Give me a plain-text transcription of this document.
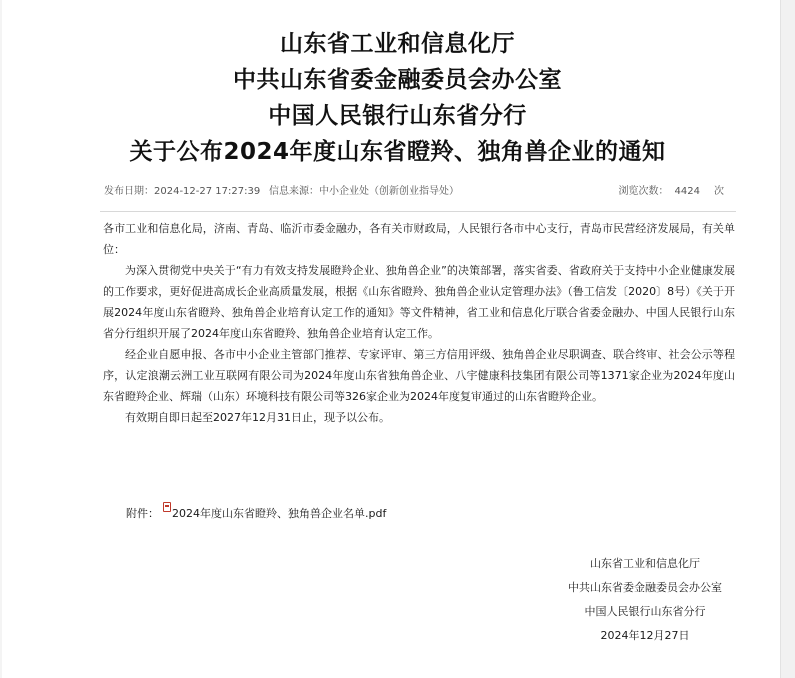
山东省工业和信息化厅
中共山东省委金融委员会办公室
中国人民银行山东省分行
关于公布2024年度山东省瞪羚、独角兽企业的通知
发布日期：2024-12-27 17:27:39 信息来源：中小企业处（创新创业指导处）	浏览次数： 4424 次

各市工业和信息化局，济南、青岛、临沂市委金融办，各有关市财政局，人民银行各市中心支行，青岛市民营经济发展局，有关单位：

为深入贯彻党中央关于“有力有效支持发展瞪羚企业、独角兽企业”的决策部署，落实省委、省政府关于支持中小企业健康发展的工作要求，更好促进高成长企业高质量发展，根据《山东省瞪羚、独角兽企业认定管理办法》（鲁工信发〔2020〕8号）《关于开展2024年度山东省瞪羚、独角兽企业培育认定工作的通知》等文件精神，省工业和信息化厅联合省委金融办、中国人民银行山东省分行组织开展了2024年度山东省瞪羚、独角兽企业培育认定工作。

经企业自愿申报、各市中小企业主管部门推荐、专家评审、第三方信用评级、独角兽企业尽职调查、联合终审、社会公示等程序，认定浪潮云洲工业互联网有限公司为2024年度山东省独角兽企业、八宇健康科技集团有限公司等1371家企业为2024年度山东省瞪羚企业、辉瑞（山东）环境科技有限公司等326家企业为2024年度复审通过的山东省瞪羚企业。

有效期自即日起至2027年12月31日止，现予以公布。

附件： 2024年度山东省瞪羚、独角兽企业名单.pdf
山东省工业和信息化厅
中共山东省委金融委员会办公室
中国人民银行山东省分行
2024年12月27日
